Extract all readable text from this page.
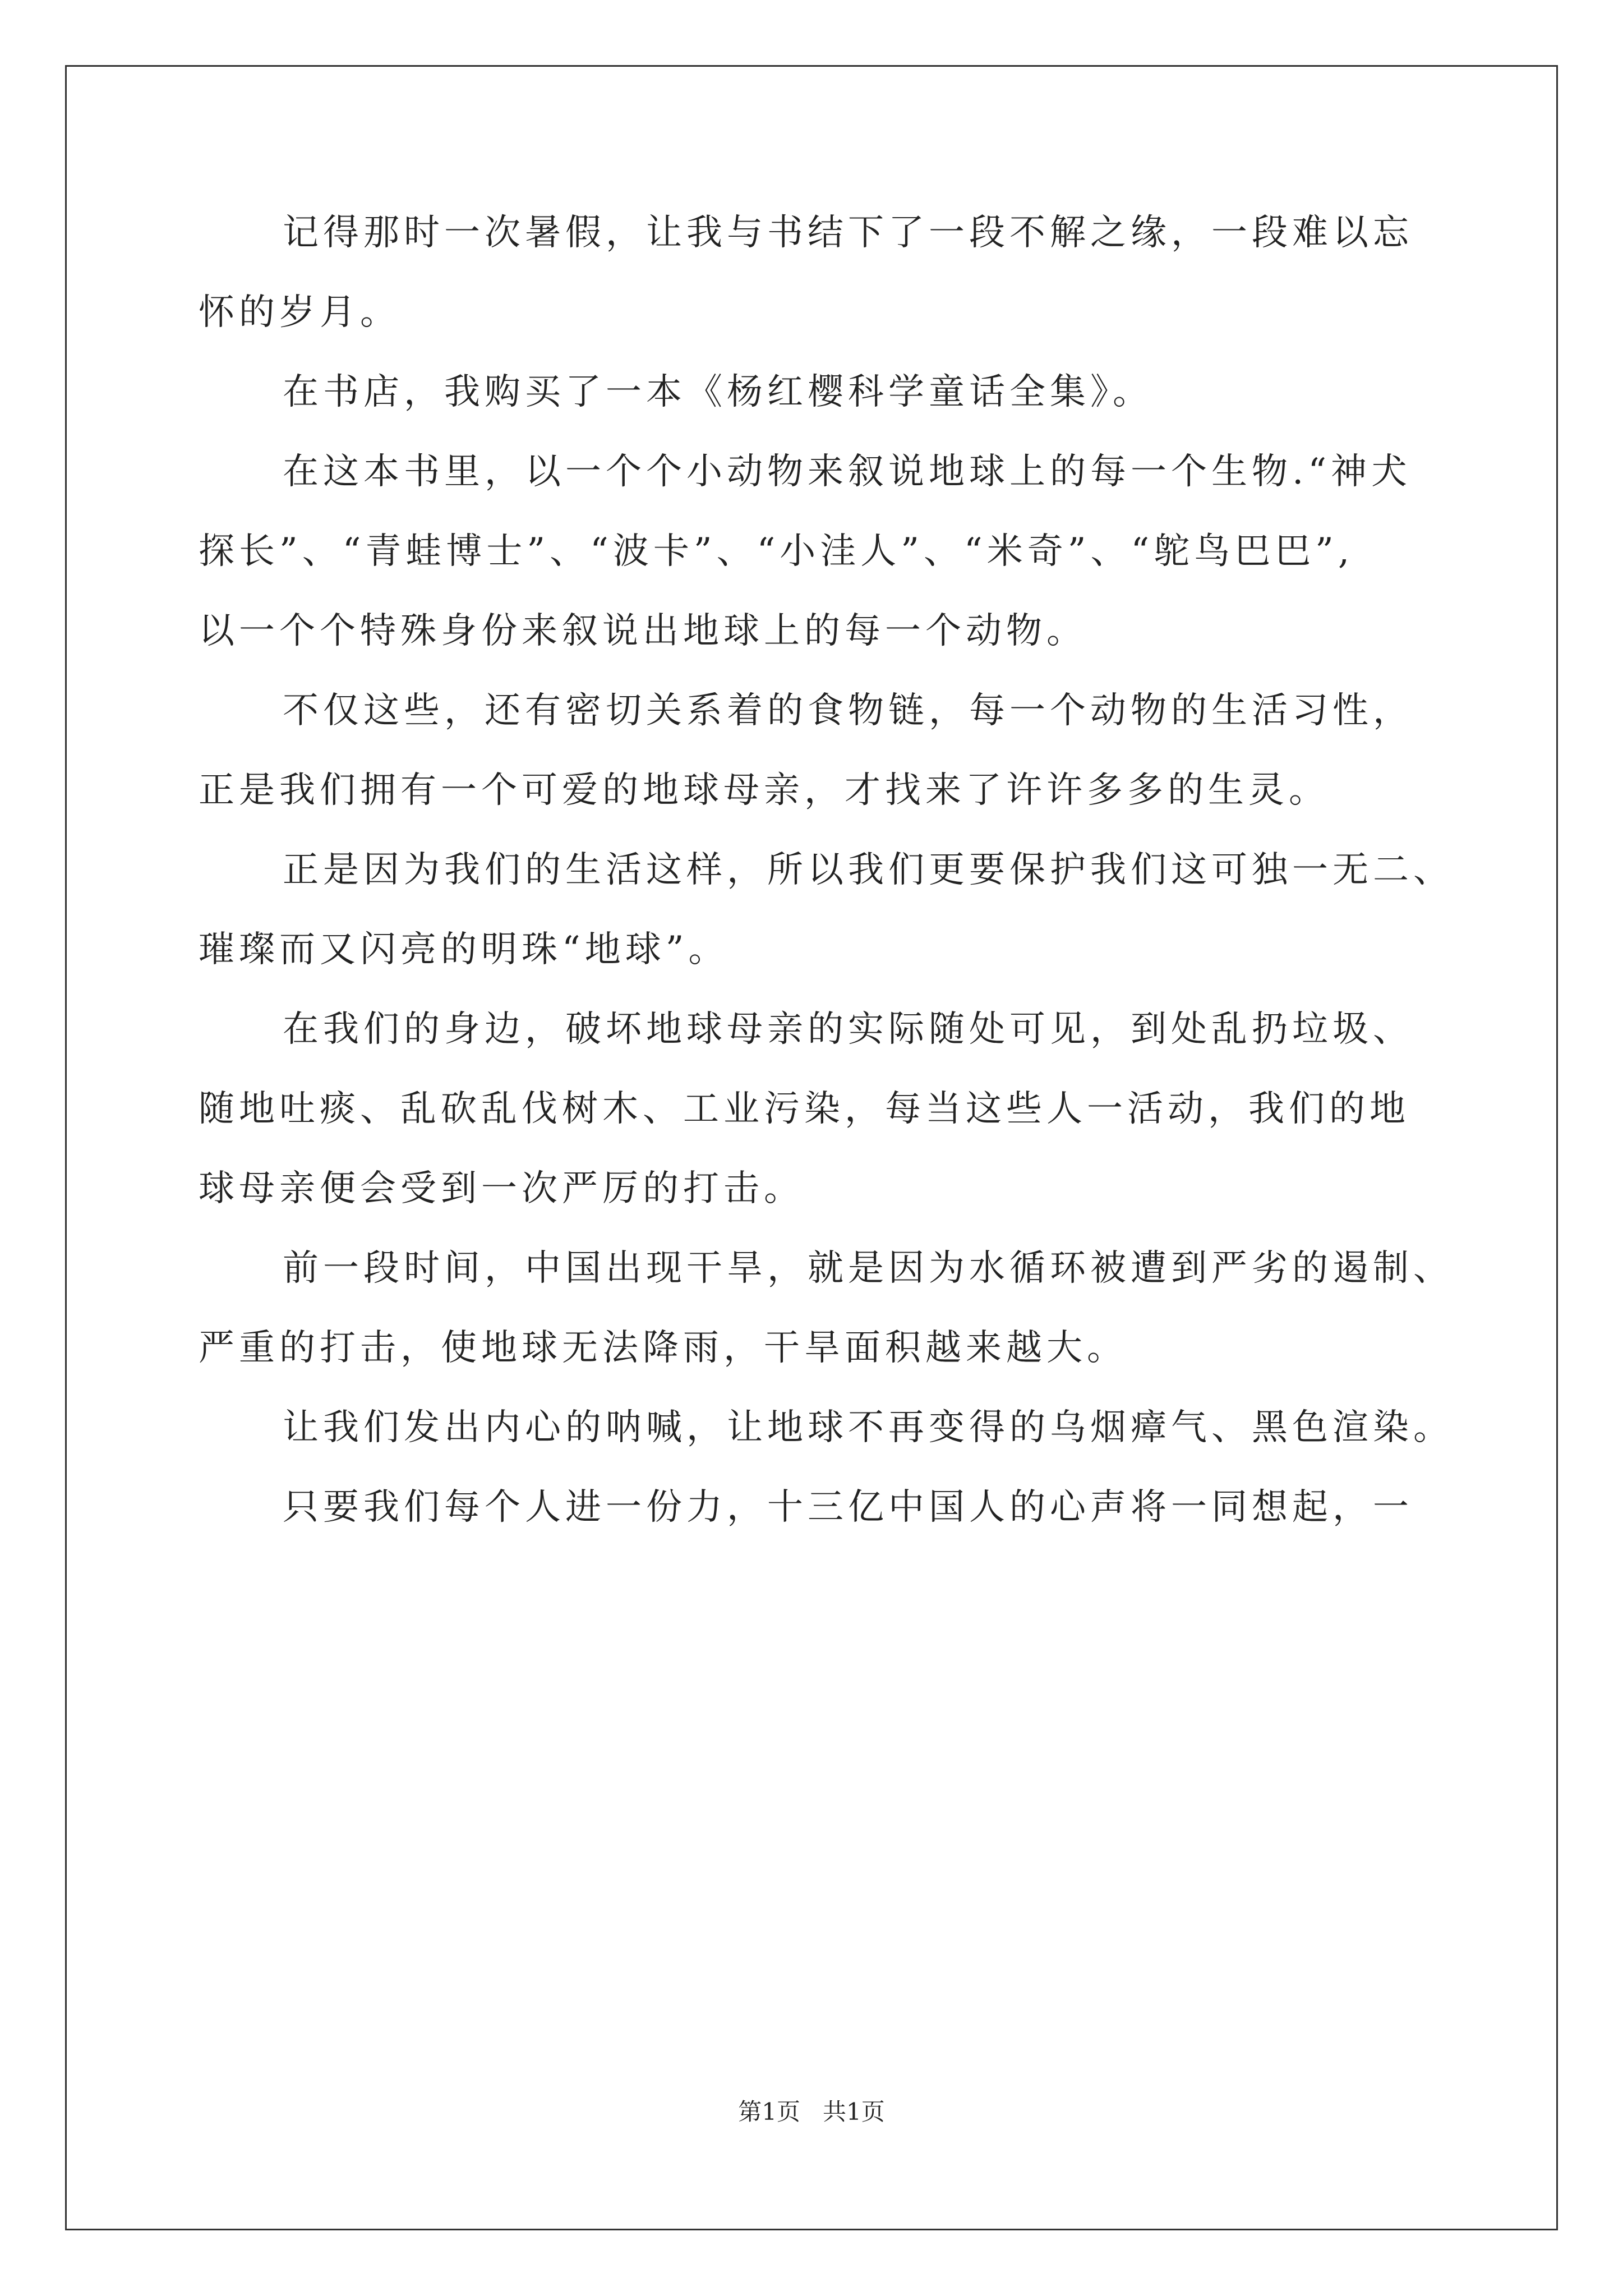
记得那时一次暑假，让我与书结下了一段不解之缘，一段难以忘
怀的岁月。
在书店，我购买了一本《杨红樱科学童话全集》。
在这本书里，以一个个小动物来叙说地球上的每一个生物.“神犬
探长”、“青蛙博士”、“波卡”、“小洼人”、“米奇”、“鸵鸟巴巴”,
以一个个特殊身份来叙说出地球上的每一个动物。
不仅这些，还有密切关系着的食物链，每一个动物的生活习性，
正是我们拥有一个可爱的地球母亲，才找来了许许多多的生灵。
正是因为我们的生活这样，所以我们更要保护我们这可独一无二、
璀璨而又闪亮的明珠“地球”。
在我们的身边，破坏地球母亲的实际随处可见，到处乱扔垃圾、
随地吐痰、乱砍乱伐树木、工业污染，每当这些人一活动，我们的地
球母亲便会受到一次严厉的打击。
前一段时间，中国出现干旱，就是因为水循环被遭到严劣的遏制、
严重的打击，使地球无法降雨，干旱面积越来越大。
让我们发出内心的呐喊，让地球不再变得的乌烟瘴气、黑色渲染。
只要我们每个人进一份力，十三亿中国人的心声将一同想起，一
第1页   共1页
